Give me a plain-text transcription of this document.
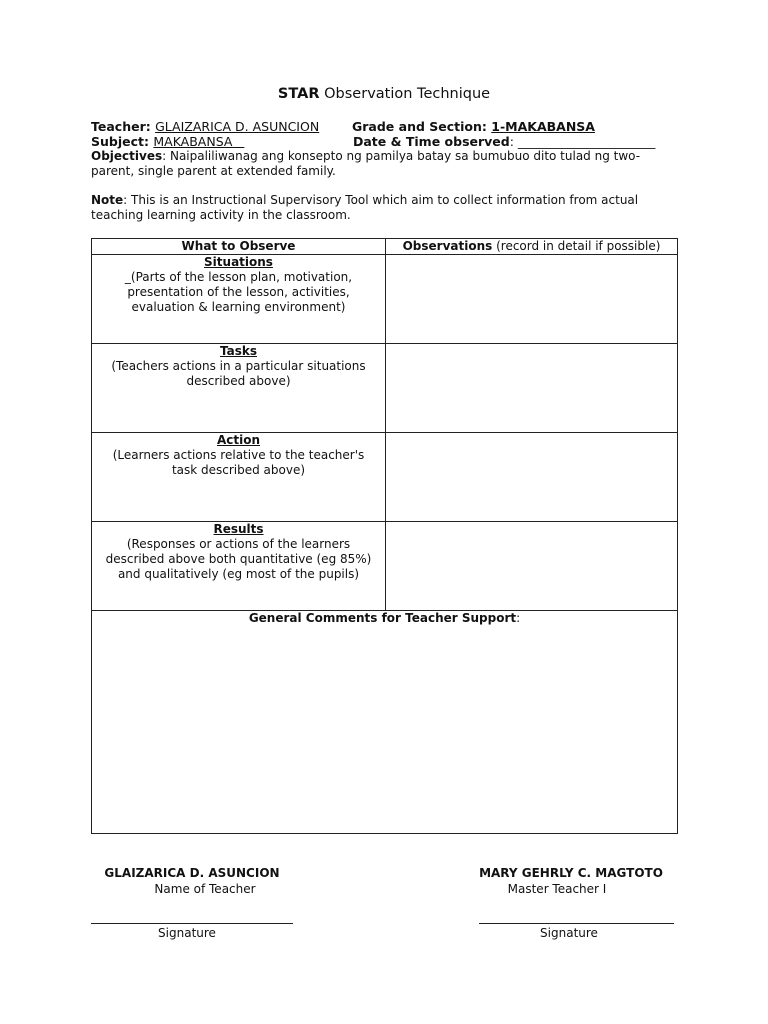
STAR Observation Technique
Teacher: GLAIZARICA D. ASUNCION	Grade and Section: 1-MAKABANSA
Subject: MAKABANSA	Date & Time observed: ______________________
Objectives: Naipaliliwanag ang konsepto ng pamilya batay sa bumubuo dito tulad ng two-parent, single parent at extended family.
Note: This is an Instructional Supervisory Tool which aim to collect information from actual teaching learning activity in the classroom.
What to Observe	Observations (record in detail if possible)

Situations
_(Parts of the lesson plan, motivation, presentation of the lesson, activities, evaluation & learning environment)	

Tasks
(Teachers actions in a particular situations described above)	

Action
(Learners actions relative to the teacher's task described above)	

Results
(Responses or actions of the learners described above both quantitative (eg 85%) and qualitatively (eg most of the pupils)	

General Comments for Teacher Support:	
GLAIZARICA D. ASUNCION
Name of Teacher
MARY GEHRLY C. MAGTOTO
Master Teacher I
Signature	Signature
